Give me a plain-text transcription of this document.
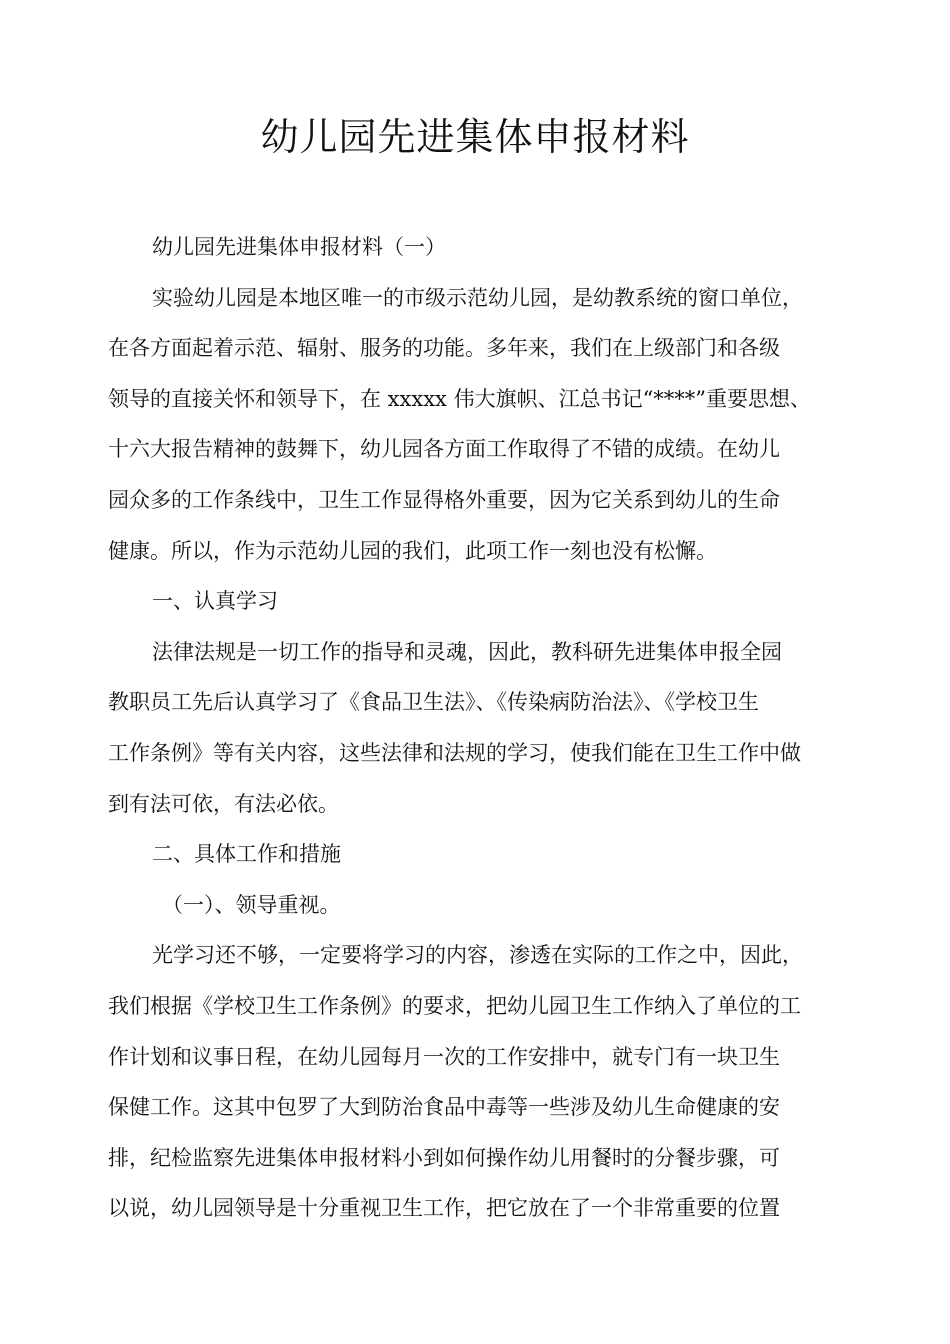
幼儿园先进集体申报材料
幼儿园先进集体申报材料（一）
实验幼儿园是本地区唯一的市级示范幼儿园，是幼教系统的窗口单位，
在各方面起着示范、辐射、服务的功能。多年来，我们在上级部门和各级
领导的直接关怀和领导下，在 xxxxx 伟大旗帜、江总书记“****”重要思想、
十六大报告精神的鼓舞下，幼儿园各方面工作取得了不错的成绩。在幼儿
园众多的工作条线中，卫生工作显得格外重要，因为它关系到幼儿的生命
健康。所以，作为示范幼儿园的我们，此项工作一刻也没有松懈。
一、认真学习
法律法规是一切工作的指导和灵魂，因此，教科研先进集体申报全园
教职员工先后认真学习了《食品卫生法》、《传染病防治法》、《学校卫生
工作条例》等有关内容，这些法律和法规的学习，使我们能在卫生工作中做
到有法可依，有法必依。
二、具体工作和措施
（一）、领导重视。
光学习还不够，一定要将学习的内容，渗透在实际的工作之中，因此，
我们根据《学校卫生工作条例》的要求，把幼儿园卫生工作纳入了单位的工
作计划和议事日程，在幼儿园每月一次的工作安排中，就专门有一块卫生
保健工作。这其中包罗了大到防治食品中毒等一些涉及幼儿生命健康的安
排，纪检监察先进集体申报材料小到如何操作幼儿用餐时的分餐步骤，可
以说，幼儿园领导是十分重视卫生工作，把它放在了一个非常重要的位置
